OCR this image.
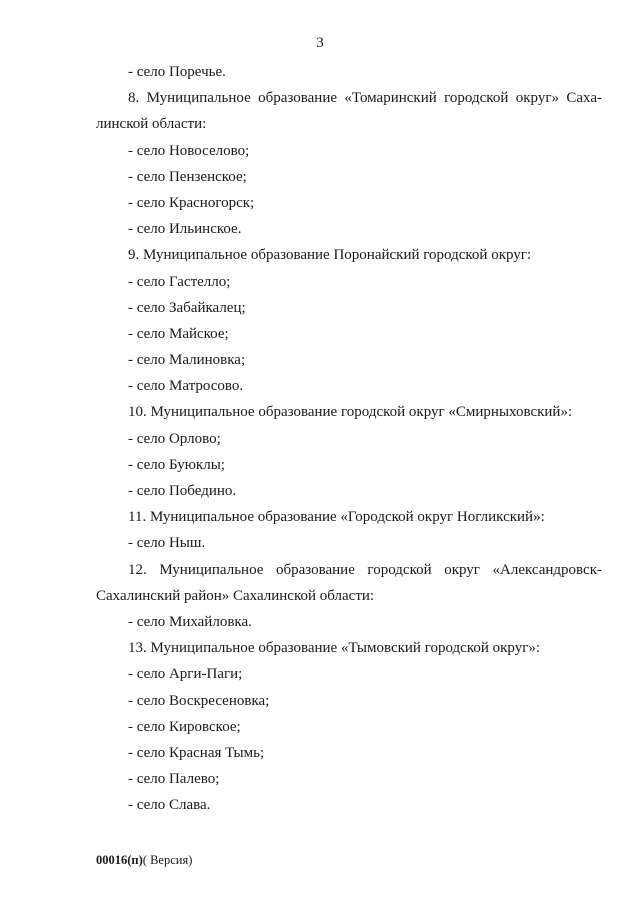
3
- село Поречье.
8. Муниципальное образование «Томаринский городской округ» Саха-
линской области:
- село Новоселово;
- село Пензенское;
- село Красногорск;
- село Ильинское.
9. Муниципальное образование Поронайский городской округ:
- село Гастелло;
- село Забайкалец;
- село Майское;
- село Малиновка;
- село Матросово.
10. Муниципальное образование городской округ «Смирныховский»:
- село Орлово;
- село Буюклы;
- село Победино.
11. Муниципальное образование «Городской округ Ногликский»:
- село Ныш.
12. Муниципальное образование городской округ «Александровск-
Сахалинский район» Сахалинской области:
- село Михайловка.
13. Муниципальное образование «Тымовский городской округ»:
- село Арги-Паги;
- село Воскресеновка;
- село Кировское;
- село Красная Тымь;
- село Палево;
- село Слава.
00016(п)( Версия)
